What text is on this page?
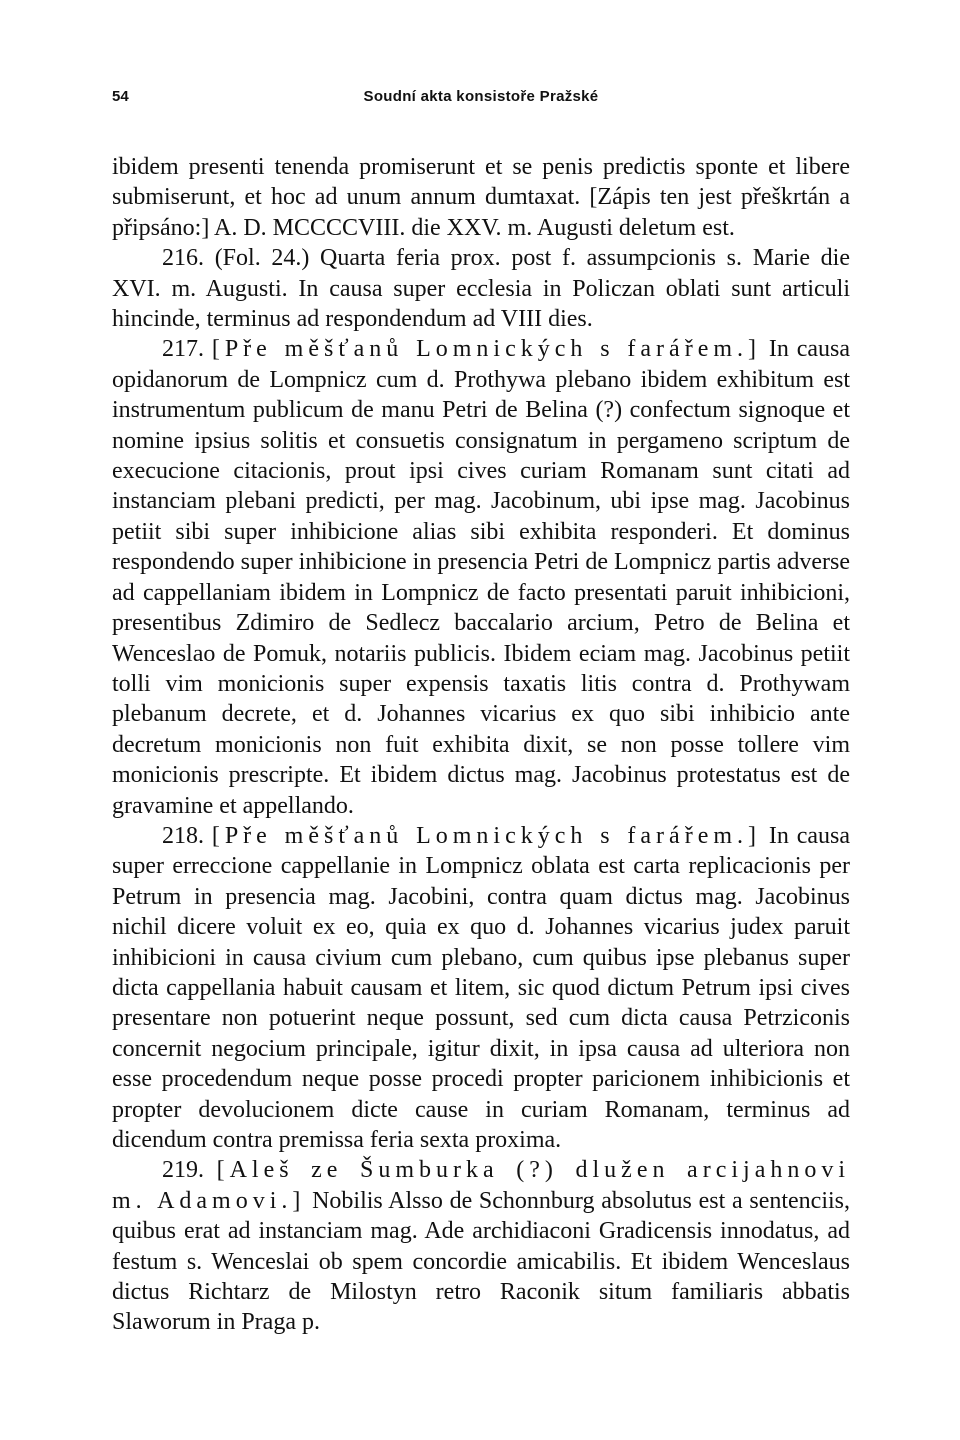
54	Soudní akta konsistoře Pražské

ibidem presenti tenenda promiserunt et se penis predictis sponte et libere submiserunt, et hoc ad unum annum dumtaxat. [Zápis ten jest přeškrtán a připsáno:] A. D. MCCCCVIII. die XXV. m. Augusti deletum est.

216. (Fol. 24.) Quarta feria prox. post f. assumpcionis s. Marie die XVI. m. Augusti. In causa super ecclesia in Policzan oblati sunt articuli hincinde, terminus ad respondendum ad VIII dies.

217. [Pře měšťanů Lomnických s farářem.] In causa opidanorum de Lompnicz cum d. Prothywa plebano ibidem exhibitum est instrumentum publicum de manu Petri de Belina (?) confectum signoque et nomine ipsius solitis et consuetis consignatum in pergameno scriptum de execucione citacionis, prout ipsi cives curiam Romanam sunt citati ad instanciam plebani predicti, per mag. Jacobinum, ubi ipse mag. Jacobinus petiit sibi super inhibicione alias sibi exhibita responderi. Et dominus respondendo super inhibicione in presencia Petri de Lompnicz partis adverse ad cappellaniam ibidem in Lompnicz de facto presentati paruit inhibicioni, presentibus Zdimiro de Sedlecz baccalario arcium, Petro de Belina et Wenceslao de Pomuk, notariis publicis. Ibidem eciam mag. Jacobinus petiit tolli vim monicionis super expensis taxatis litis contra d. Prothywam plebanum decrete, et d. Johannes vicarius ex quo sibi inhibicio ante decretum monicionis non fuit exhibita dixit, se non posse tollere vim monicionis prescripte. Et ibidem dictus mag. Jacobinus protestatus est de gravamine et appellando.

218. [Pře měšťanů Lomnických s farářem.] In causa super erreccione cappellanie in Lompnicz oblata est carta replicacionis per Petrum in presencia mag. Jacobini, contra quam dictus mag. Jacobinus nichil dicere voluit ex eo, quia ex quo d. Johannes vicarius judex paruit inhibicioni in causa civium cum plebano, cum quibus ipse plebanus super dicta cappellania habuit causam et litem, sic quod dictum Petrum ipsi cives presentare non potuerint neque possunt, sed cum dicta causa Petrziconis concernit negocium principale, igitur dixit, in ipsa causa ad ulteriora non esse procedendum neque posse procedi propter paricionem inhibicionis et propter devolucionem dicte cause in curiam Romanam, terminus ad dicendum contra premissa feria sexta proxima.

219. [Aleš ze Šumburka (?) dlužen arcijahnovi m. Adamovi.] Nobilis Alsso de Schonnburg absolutus est a sentenciis, quibus erat ad instanciam mag. Ade archidiaconi Gradicensis innodatus, ad festum s. Wenceslai ob spem concordie amicabilis. Et ibidem Wenceslaus dictus Richtarz de Milostyn retro Raconik situm familiaris abbatis Slaworum in Praga p.
